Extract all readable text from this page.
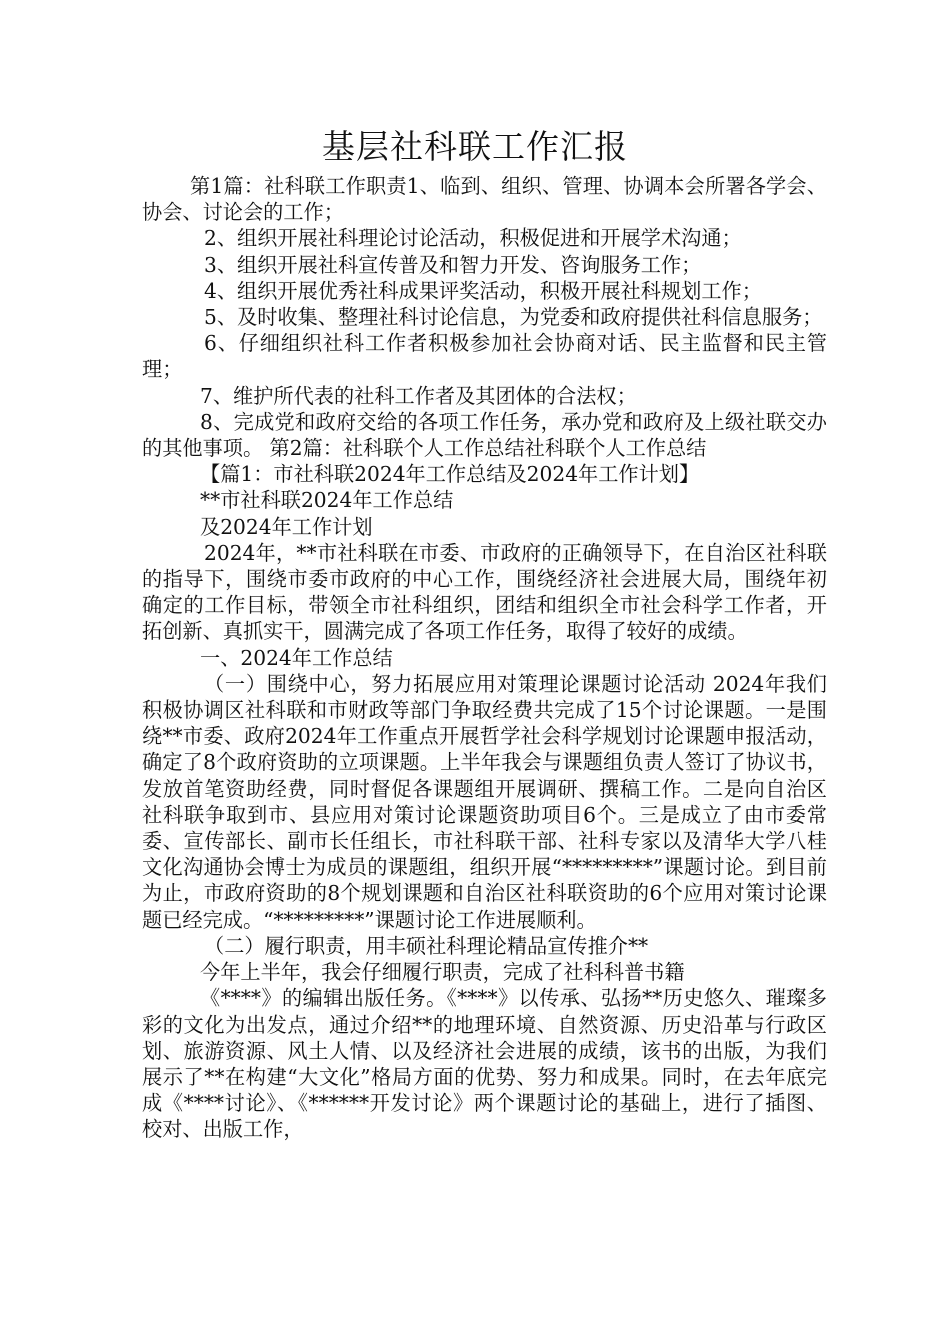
基层社科联工作汇报

第1篇：社科联工作职责1、临到、组织、管理、协调本会所署各学会、协会、讨论会的工作；

2、组织开展社科理论讨论活动，积极促进和开展学术沟通；

3、组织开展社科宣传普及和智力开发、咨询服务工作；

4、组织开展优秀社科成果评奖活动，积极开展社科规划工作；

5、及时收集、整理社科讨论信息，为党委和政府提供社科信息服务；

6、仔细组织社科工作者积极参加社会协商对话、民主监督和民主管理；

7、维护所代表的社科工作者及其团体的合法权；

8、完成党和政府交给的各项工作任务，承办党和政府及上级社联交办的其他事项。 第2篇：社科联个人工作总结社科联个人工作总结

【篇1：市社科联2024年工作总结及2024年工作计划】

**市社科联2024年工作总结

及2024年工作计划

2024年，**市社科联在市委、市政府的正确领导下，在自治区社科联的指导下，围绕市委市政府的中心工作，围绕经济社会进展大局，围绕年初确定的工作目标，带领全市社科组织，团结和组织全市社会科学工作者，开拓创新、真抓实干，圆满完成了各项工作任务，取得了较好的成绩。

一、2024年工作总结

（一）围绕中心，努力拓展应用对策理论课题讨论活动 2024年我们积极协调区社科联和市财政等部门争取经费共完成了15个讨论课题。一是围绕**市委、政府2024年工作重点开展哲学社会科学规划讨论课题申报活动，确定了8个政府资助的立项课题。上半年我会与课题组负责人签订了协议书，发放首笔资助经费，同时督促各课题组开展调研、撰稿工作。二是向自治区社科联争取到市、县应用对策讨论课题资助项目6个。三是成立了由市委常委、宣传部长、副市长任组长，市社科联干部、社科专家以及清华大学八桂文化沟通协会博士为成员的课题组，组织开展“*********”课题讨论。到目前为止，市政府资助的8个规划课题和自治区社科联资助的6个应用对策讨论课题已经完成。“*********”课题讨论工作进展顺利。

（二）履行职责，用丰硕社科理论精品宣传推介**

今年上半年，我会仔细履行职责，完成了社科科普书籍

《****》的编辑出版任务。《****》以传承、弘扬**历史悠久、璀璨多彩的文化为出发点，通过介绍**的地理环境、自然资源、历史沿革与行政区划、旅游资源、风土人情、以及经济社会进展的成绩，该书的出版，为我们展示了**在构建“大文化”格局方面的优势、努力和成果。同时，在去年底完成《****讨论》、《******开发讨论》两个课题讨论的基础上，进行了插图、校对、出版工作，
